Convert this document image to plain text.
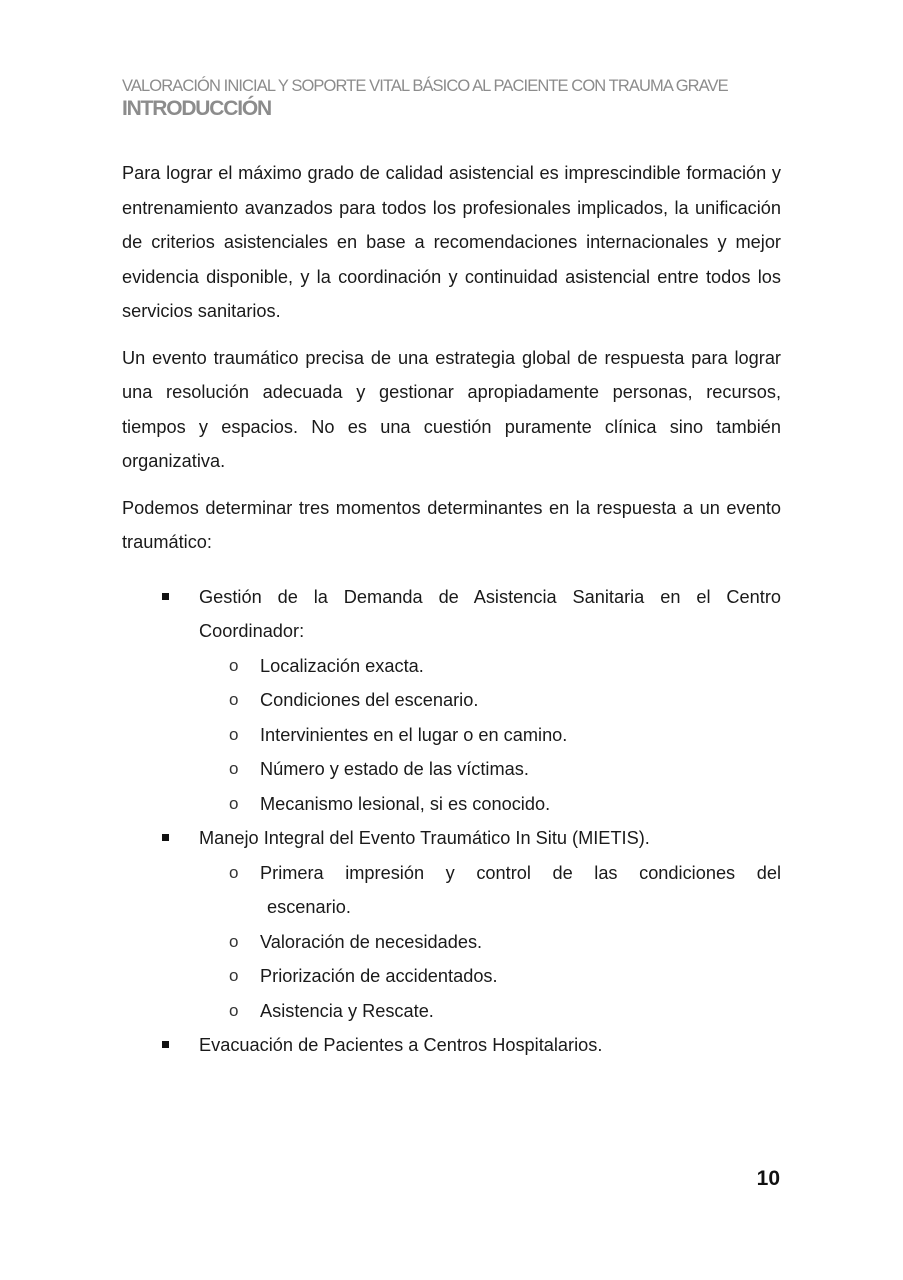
VALORACIÓN INICIAL Y SOPORTE VITAL BÁSICO AL PACIENTE CON TRAUMA GRAVE
INTRODUCCIÓN

Para lograr el máximo grado de calidad asistencial es imprescindible formación y entrenamiento avanzados para todos los profesionales implicados, la unificación de criterios asistenciales en base a recomendaciones internacionales y mejor evidencia disponible, y la coordinación y continuidad asistencial entre todos los servicios sanitarios.

Un evento traumático precisa de una estrategia global de respuesta para lograr una resolución adecuada y gestionar apropiadamente personas, recursos, tiempos y espacios. No es una cuestión puramente clínica sino también organizativa.

Podemos determinar tres momentos determinantes en la respuesta a un evento traumático:

Gestión de la Demanda de Asistencia Sanitaria en el Centro Coordinador:
o Localización exacta.
o Condiciones del escenario.
o Intervinientes en el lugar o en camino.
o Número y estado de las víctimas.
o Mecanismo lesional, si es conocido.
Manejo Integral del Evento Traumático In Situ (MIETIS).
o Primera impresión y control de las condiciones del
escenario.
o Valoración de necesidades.
o Priorización de accidentados.
o Asistencia y Rescate.
Evacuación de Pacientes a Centros Hospitalarios.
10
